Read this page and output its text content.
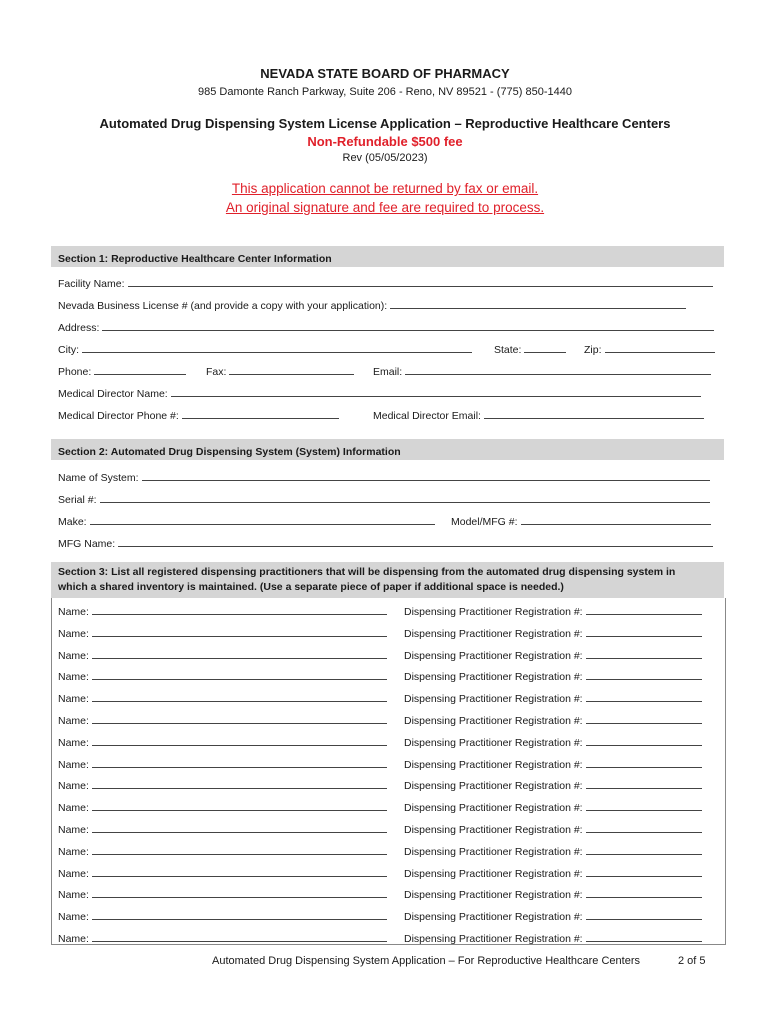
NEVADA STATE BOARD OF PHARMACY
985 Damonte Ranch Parkway, Suite 206 - Reno, NV 89521 - (775) 850-1440
Automated Drug Dispensing System License Application – Reproductive Healthcare Centers
Non-Refundable $500 fee
Rev (05/05/2023)
This application cannot be returned by fax or email.
An original signature and fee are required to process.
Section 1: Reproductive Healthcare Center Information
Facility Name:
Nevada Business License # (and provide a copy with your application):
Address:
City:	State:	Zip:
Phone:	Fax:	Email:
Medical Director Name:
Medical Director Phone #:	Medical Director Email:
Section 2: Automated Drug Dispensing System (System) Information
Name of System:
Serial #:
Make:	Model/MFG #:
MFG Name:
Section 3: List all registered dispensing practitioners that will be dispensing from the automated drug dispensing system in
which a shared inventory is maintained. (Use a separate piece of paper if additional space is needed.)
Name:	Dispensing Practitioner Registration #:
Name:	Dispensing Practitioner Registration #:
Name:	Dispensing Practitioner Registration #:
Name:	Dispensing Practitioner Registration #:
Name:	Dispensing Practitioner Registration #:
Name:	Dispensing Practitioner Registration #:
Name:	Dispensing Practitioner Registration #:
Name:	Dispensing Practitioner Registration #:
Name:	Dispensing Practitioner Registration #:
Name:	Dispensing Practitioner Registration #:
Name:	Dispensing Practitioner Registration #:
Name:	Dispensing Practitioner Registration #:
Name:	Dispensing Practitioner Registration #:
Name:	Dispensing Practitioner Registration #:
Name:	Dispensing Practitioner Registration #:
Name:	Dispensing Practitioner Registration #:
Automated Drug Dispensing System Application – For Reproductive Healthcare Centers	2 of 5
